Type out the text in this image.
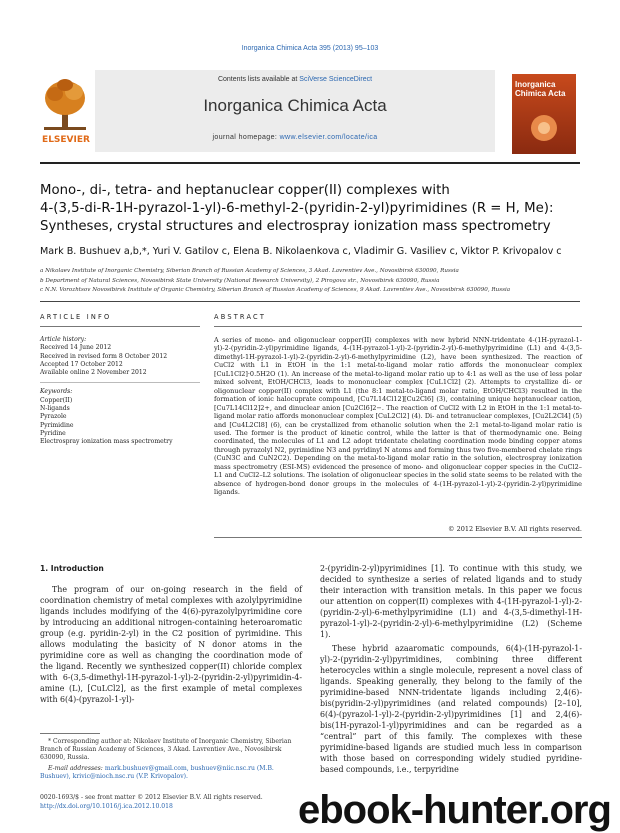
Inorganica Chimica Acta 395 (2013) 95–103
ELSEVIER
Contents lists available at SciVerse ScienceDirect
Inorganica Chimica Acta
journal homepage: www.elsevier.com/locate/ica
Inorganica Chimica Acta
Mono-, di-, tetra- and heptanuclear copper(II) complexes with
4-(3,5-di-R-1H-pyrazol-1-yl)-6-methyl-2-(pyridin-2-yl)pyrimidines (R = H, Me):
Syntheses, crystal structures and electrospray ionization mass spectrometry
Mark B. Bushuev a,b,*, Yuri V. Gatilov c, Elena B. Nikolaenkova c, Vladimir G. Vasiliev c, Viktor P. Krivopalov c
a Nikolaev Institute of Inorganic Chemistry, Siberian Branch of Russian Academy of Sciences, 3 Akad. Lavrentiev Ave., Novosibirsk 630090, Russia
b Department of Natural Sciences, Novosibirsk State University (National Research University), 2 Pirogova str., Novosibirsk 630090, Russia
c N.N. Vorozhtsov Novosibirsk Institute of Organic Chemistry, Siberian Branch of Russian Academy of Sciences, 9 Akad. Lavrentiev Ave., Novosibirsk 630090, Russia
ARTICLE INFO	ABSTRACT
Article history:
Received 14 June 2012
Received in revised form 8 October 2012
Accepted 17 October 2012
Available online 2 November 2012
Keywords:
Copper(II)
N-ligands
Pyrazole
Pyrimidine
Pyridine
Electrospray ionization mass spectrometry
A series of mono- and oligonuclear copper(II) complexes with new hybrid NNN-tridentate 4-(1H-pyrazol-1-yl)-2-(pyridin-2-yl)pyrimidine ligands, 4-(1H-pyrazol-1-yl)-2-(pyridin-2-yl)-6-methylpyrimidine (L1) and 4-(3,5-dimethyl-1H-pyrazol-1-yl)-2-(pyridin-2-yl)-6-methylpyrimidine (L2), have been synthesized. The reaction of CuCl2 with L1 in EtOH in the 1:1 metal-to-ligand molar ratio affords the mononuclear complex [CuL1Cl2]·0.5H2O (1). An increase of the metal-to-ligand molar ratio up to 4:1 as well as the use of less polar mixed solvent, EtOH/CHCl3, leads to mononuclear complex [CuL1Cl2] (2). Attempts to crystallize di- or oligonuclear copper(II) complex with L1 (the 8:1 metal-to-ligand molar ratio, EtOH/CHCl3) resulted in the formation of ionic halocuprate compound, [Cu7L14Cl12][Cu2Cl6] (3), containing unique heptanuclear cation, [Cu7L14Cl12]2+, and dinuclear anion [Cu2Cl6]2−. The reaction of CuCl2 with L2 in EtOH in the 1:1 metal-to-ligand molar ratio affords mononuclear complex [CuL2Cl2] (4). Di- and tetranuclear complexes, [Cu2L2Cl4] (5) and [Cu4L2Cl8] (6), can be crystallized from ethanolic solution when the 2:1 metal-to-ligand molar ratio is used. The former is the product of kinetic control, while the latter is that of thermodynamic one. Being coordinated, the molecules of L1 and L2 adopt tridentate chelating coordination mode binding copper atoms through pyrazolyl N2, pyrimidine N3 and pyridinyl N atoms and forming thus two five-membered chelate rings (CuN3C and CuN2C2). Depending on the metal-to-ligand molar ratio in the solution, electrospray ionization mass spectrometry (ESI-MS) evidenced the presence of mono- and oligonuclear copper species in the CuCl2–L1 and CuCl2–L2 solutions. The isolation of oligonuclear species in the solid state seems to be related with the absence of hydrogen-bond donor groups in the molecules of 4-(1H-pyrazol-1-yl)-2-(pyridin-2-yl)pyrimidine ligands.
© 2012 Elsevier B.V. All rights reserved.
1. Introduction

The program of our on-going research in the field of coordination chemistry of metal complexes with azolylpyrimidine ligands includes modifying of the 4(6)-pyrazolylpyrimidine core by introducing an additional nitrogen-containing heteroaromatic group (e.g. pyridin-2-yl) in the C2 position of pyrimidine. This allows modulating the basicity of N donor atoms in the pyrimidine core as well as changing the coordination mode of the ligand. Recently we synthesized copper(II) chloride complex with 6-(3,5-dimethyl-1H-pyrazol-1-yl)-2-(pyridin-2-yl)pyrimidin-4-amine (L), [CuLCl2], as the first example of metal complexes with 6(4)-(pyrazol-1-yl)-

2-(pyridin-2-yl)pyrimidines [1]. To continue with this study, we decided to synthesize a series of related ligands and to study their interaction with transition metals. In this paper we focus our attention on copper(II) complexes with 4-(1H-pyrazol-1-yl)-2-(pyridin-2-yl)-6-methylpyrimidine (L1) and 4-(3,5-dimethyl-1H-pyrazol-1-yl)-2-(pyridin-2-yl)-6-methylpyrimidine (L2) (Scheme 1).

These hybrid azaaromatic compounds, 6(4)-(1H-pyrazol-1-yl)-2-(pyridin-2-yl)pyrimidines, combining three different heterocycles within a single molecule, represent a novel class of ligands. Speaking generally, they belong to the family of the pyrimidine-based NNN-tridentate ligands including 2,4(6)-bis(pyridin-2-yl)pyrimidines (and related compounds) [2–10], 6(4)-(pyrazol-1-yl)-2-(pyridin-2-yl)pyrimidines [1] and 2,4(6)-bis(1H-pyrazol-1-yl)pyrimidines and can be regarded as a “central” part of this family. The complexes with these pyrimidine-based ligands are studied much less in comparison with those based on corresponding widely studied pyridine-based compounds, i.e., terpyridine

* Corresponding author at: Nikolaev Institute of Inorganic Chemistry, Siberian Branch of Russian Academy of Sciences, 3 Akad. Lavrentiev Ave., Novosibirsk 630090, Russia.

E-mail addresses: mark.bushuev@gmail.com, bushuev@niic.nsc.ru (M.B. Bushuev), krivic@nioch.nsc.ru (V.P. Krivopalov).

0020-1693/$ - see front matter © 2012 Elsevier B.V. All rights reserved.
http://dx.doi.org/10.1016/j.ica.2012.10.018	ebook-hunter.org
